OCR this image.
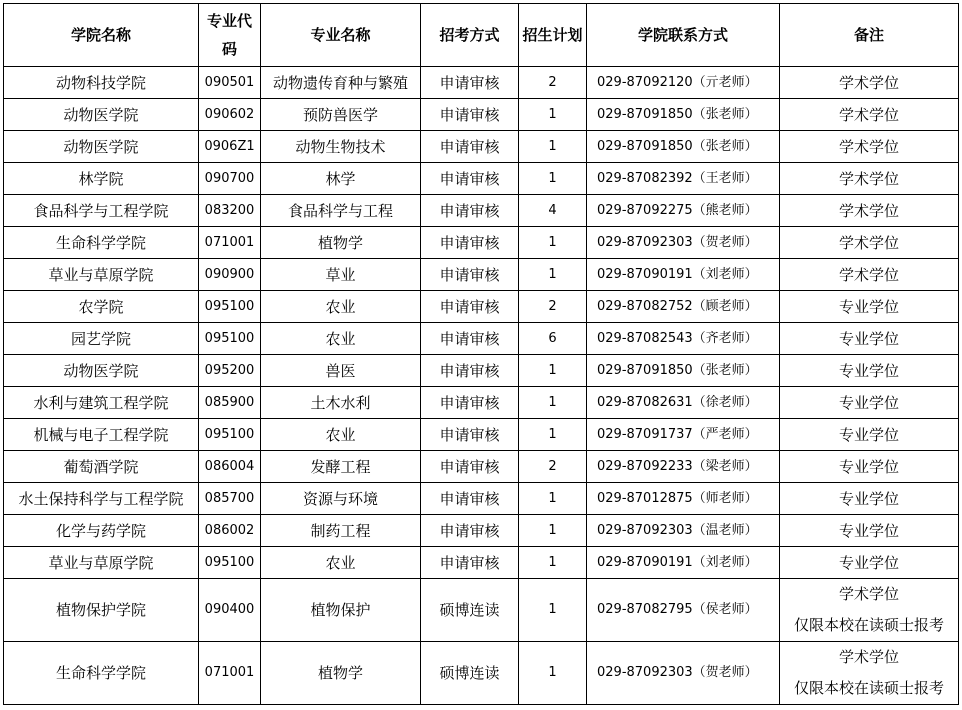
学院名称	专业代码	专业名称	招考方式	招生计划	学院联系方式	备注
动物科技学院	090501	动物遗传育种与繁殖	申请审核	2	029-87092120（亓老师）	学术学位
动物医学院	090602	预防兽医学	申请审核	1	029-87091850（张老师）	学术学位
动物医学院	0906Z1	动物生物技术	申请审核	1	029-87091850（张老师）	学术学位
林学院	090700	林学	申请审核	1	029-87082392（王老师）	学术学位
食品科学与工程学院	083200	食品科学与工程	申请审核	4	029-87092275（熊老师）	学术学位
生命科学学院	071001	植物学	申请审核	1	029-87092303（贺老师）	学术学位
草业与草原学院	090900	草业	申请审核	1	029-87090191（刘老师）	学术学位
农学院	095100	农业	申请审核	2	029-87082752（顾老师）	专业学位
园艺学院	095100	农业	申请审核	6	029-87082543（齐老师）	专业学位
动物医学院	095200	兽医	申请审核	1	029-87091850（张老师）	专业学位
水利与建筑工程学院	085900	土木水利	申请审核	1	029-87082631（徐老师）	专业学位
机械与电子工程学院	095100	农业	申请审核	1	029-87091737（严老师）	专业学位
葡萄酒学院	086004	发酵工程	申请审核	2	029-87092233（梁老师）	专业学位
水土保持科学与工程学院	085700	资源与环境	申请审核	1	029-87012875（师老师）	专业学位
化学与药学院	086002	制药工程	申请审核	1	029-87092303（温老师）	专业学位
草业与草原学院	095100	农业	申请审核	1	029-87090191（刘老师）	专业学位
植物保护学院	090400	植物保护	硕博连读	1	029-87082795（侯老师）	学术学位
仅限本校在读硕士报考

生命科学学院	071001	植物学	硕博连读	1	029-87092303（贺老师）	学术学位
仅限本校在读硕士报考
